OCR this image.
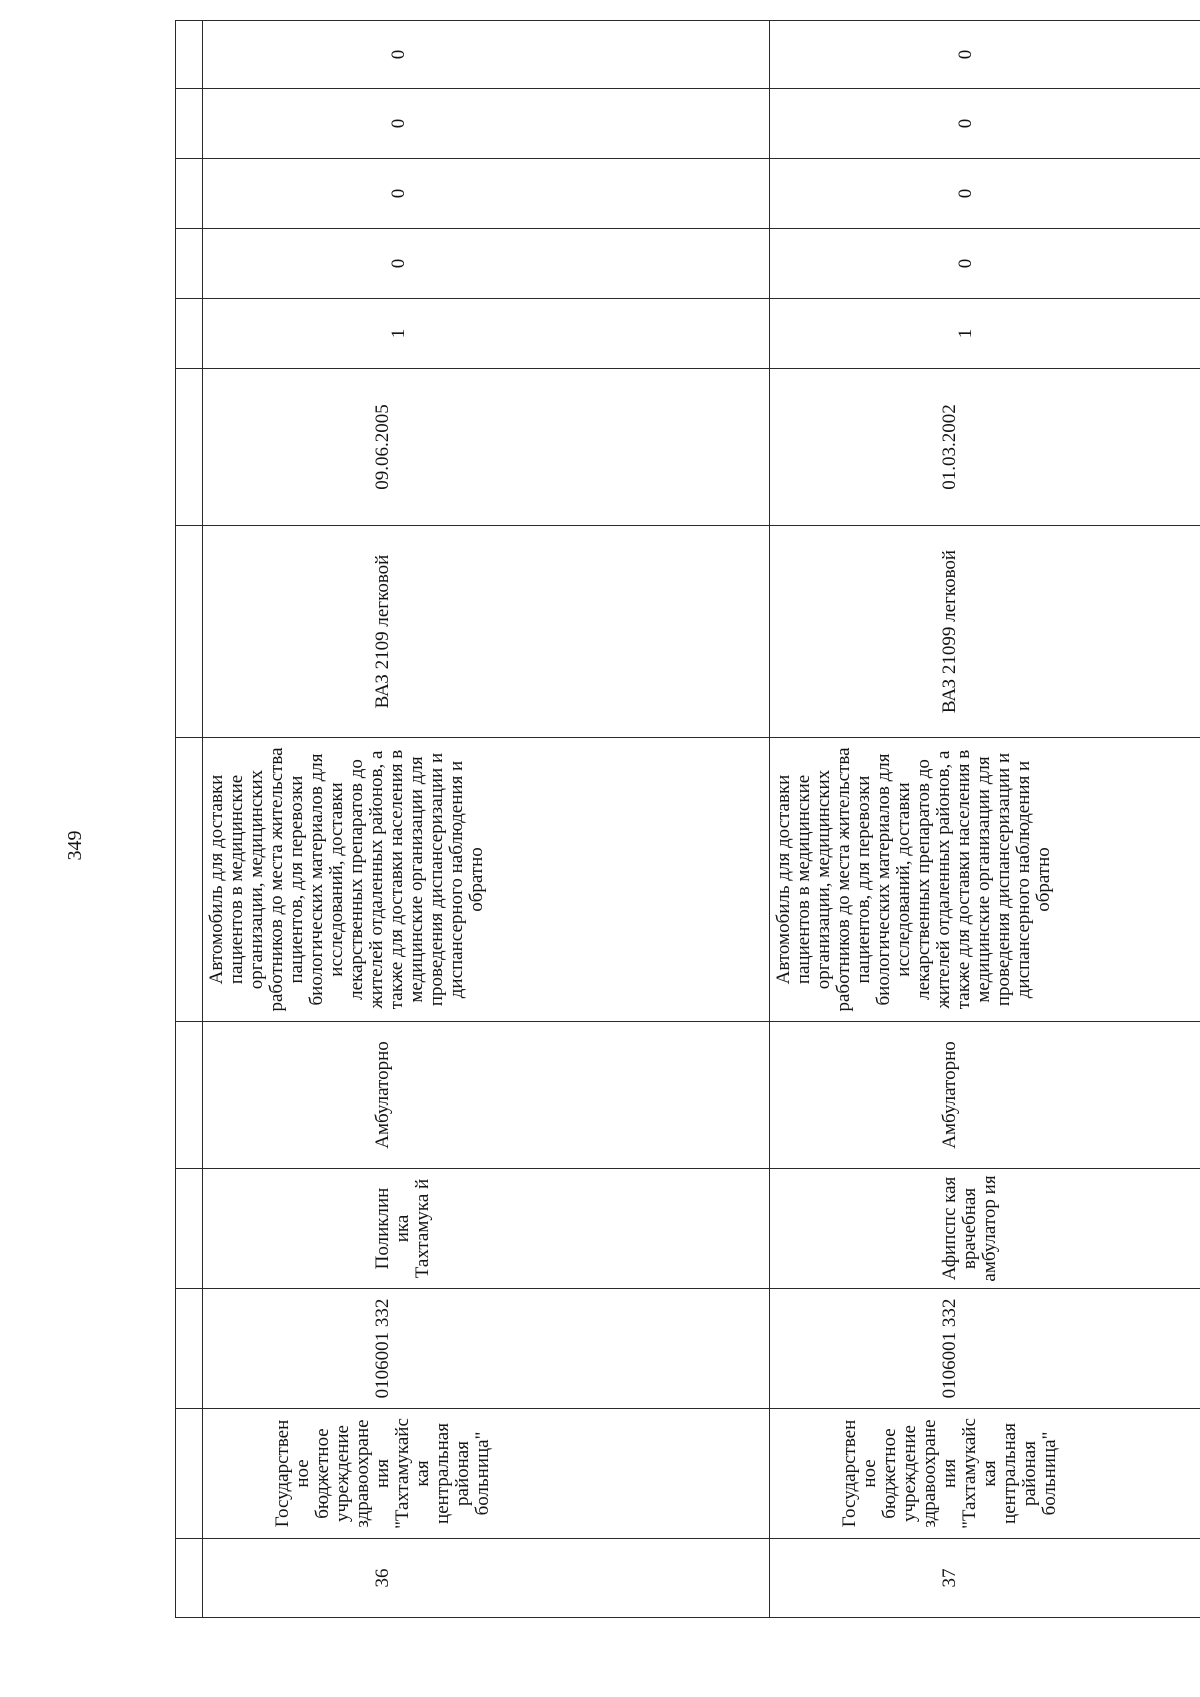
349

36	Государствен ное бюджетное учреждение здравоохране ния "Тахтамукайс кая центральная районая больница"	0106001 332	Поликлин ика Тахтамука й	Амбулаторно	Автомобиль для доставки пациентов в медицинские организации, медицинских работников до места жительства пациентов, для перевозки биологических материалов для исследований, доставки лекарственных препаратов до жителей отдаленных районов, а также для доставки населения в медицинские организации для проведения диспансеризации и диспансерного наблюдения и обратно	ВАЗ 2109 легковой	09.06.2005	1	0	0	0	0
37	Государствен ное бюджетное учреждение здравоохране ния "Тахтамукайс кая центральная районая больница"	0106001 332	Афипспс кая врачебная амбулатор ия	Амбулаторно	Автомобиль для доставки пациентов в медицинские организации, медицинских работников до места жительства пациентов, для перевозки биологических материалов для исследований, доставки лекарственных препаратов до жителей отдаленных районов, а также для доставки населения в медицинские организации для проведения диспансеризации и диспансерного наблюдения и обратно	ВАЗ 21099 легковой	01.03.2002	1	0	0	0	0
